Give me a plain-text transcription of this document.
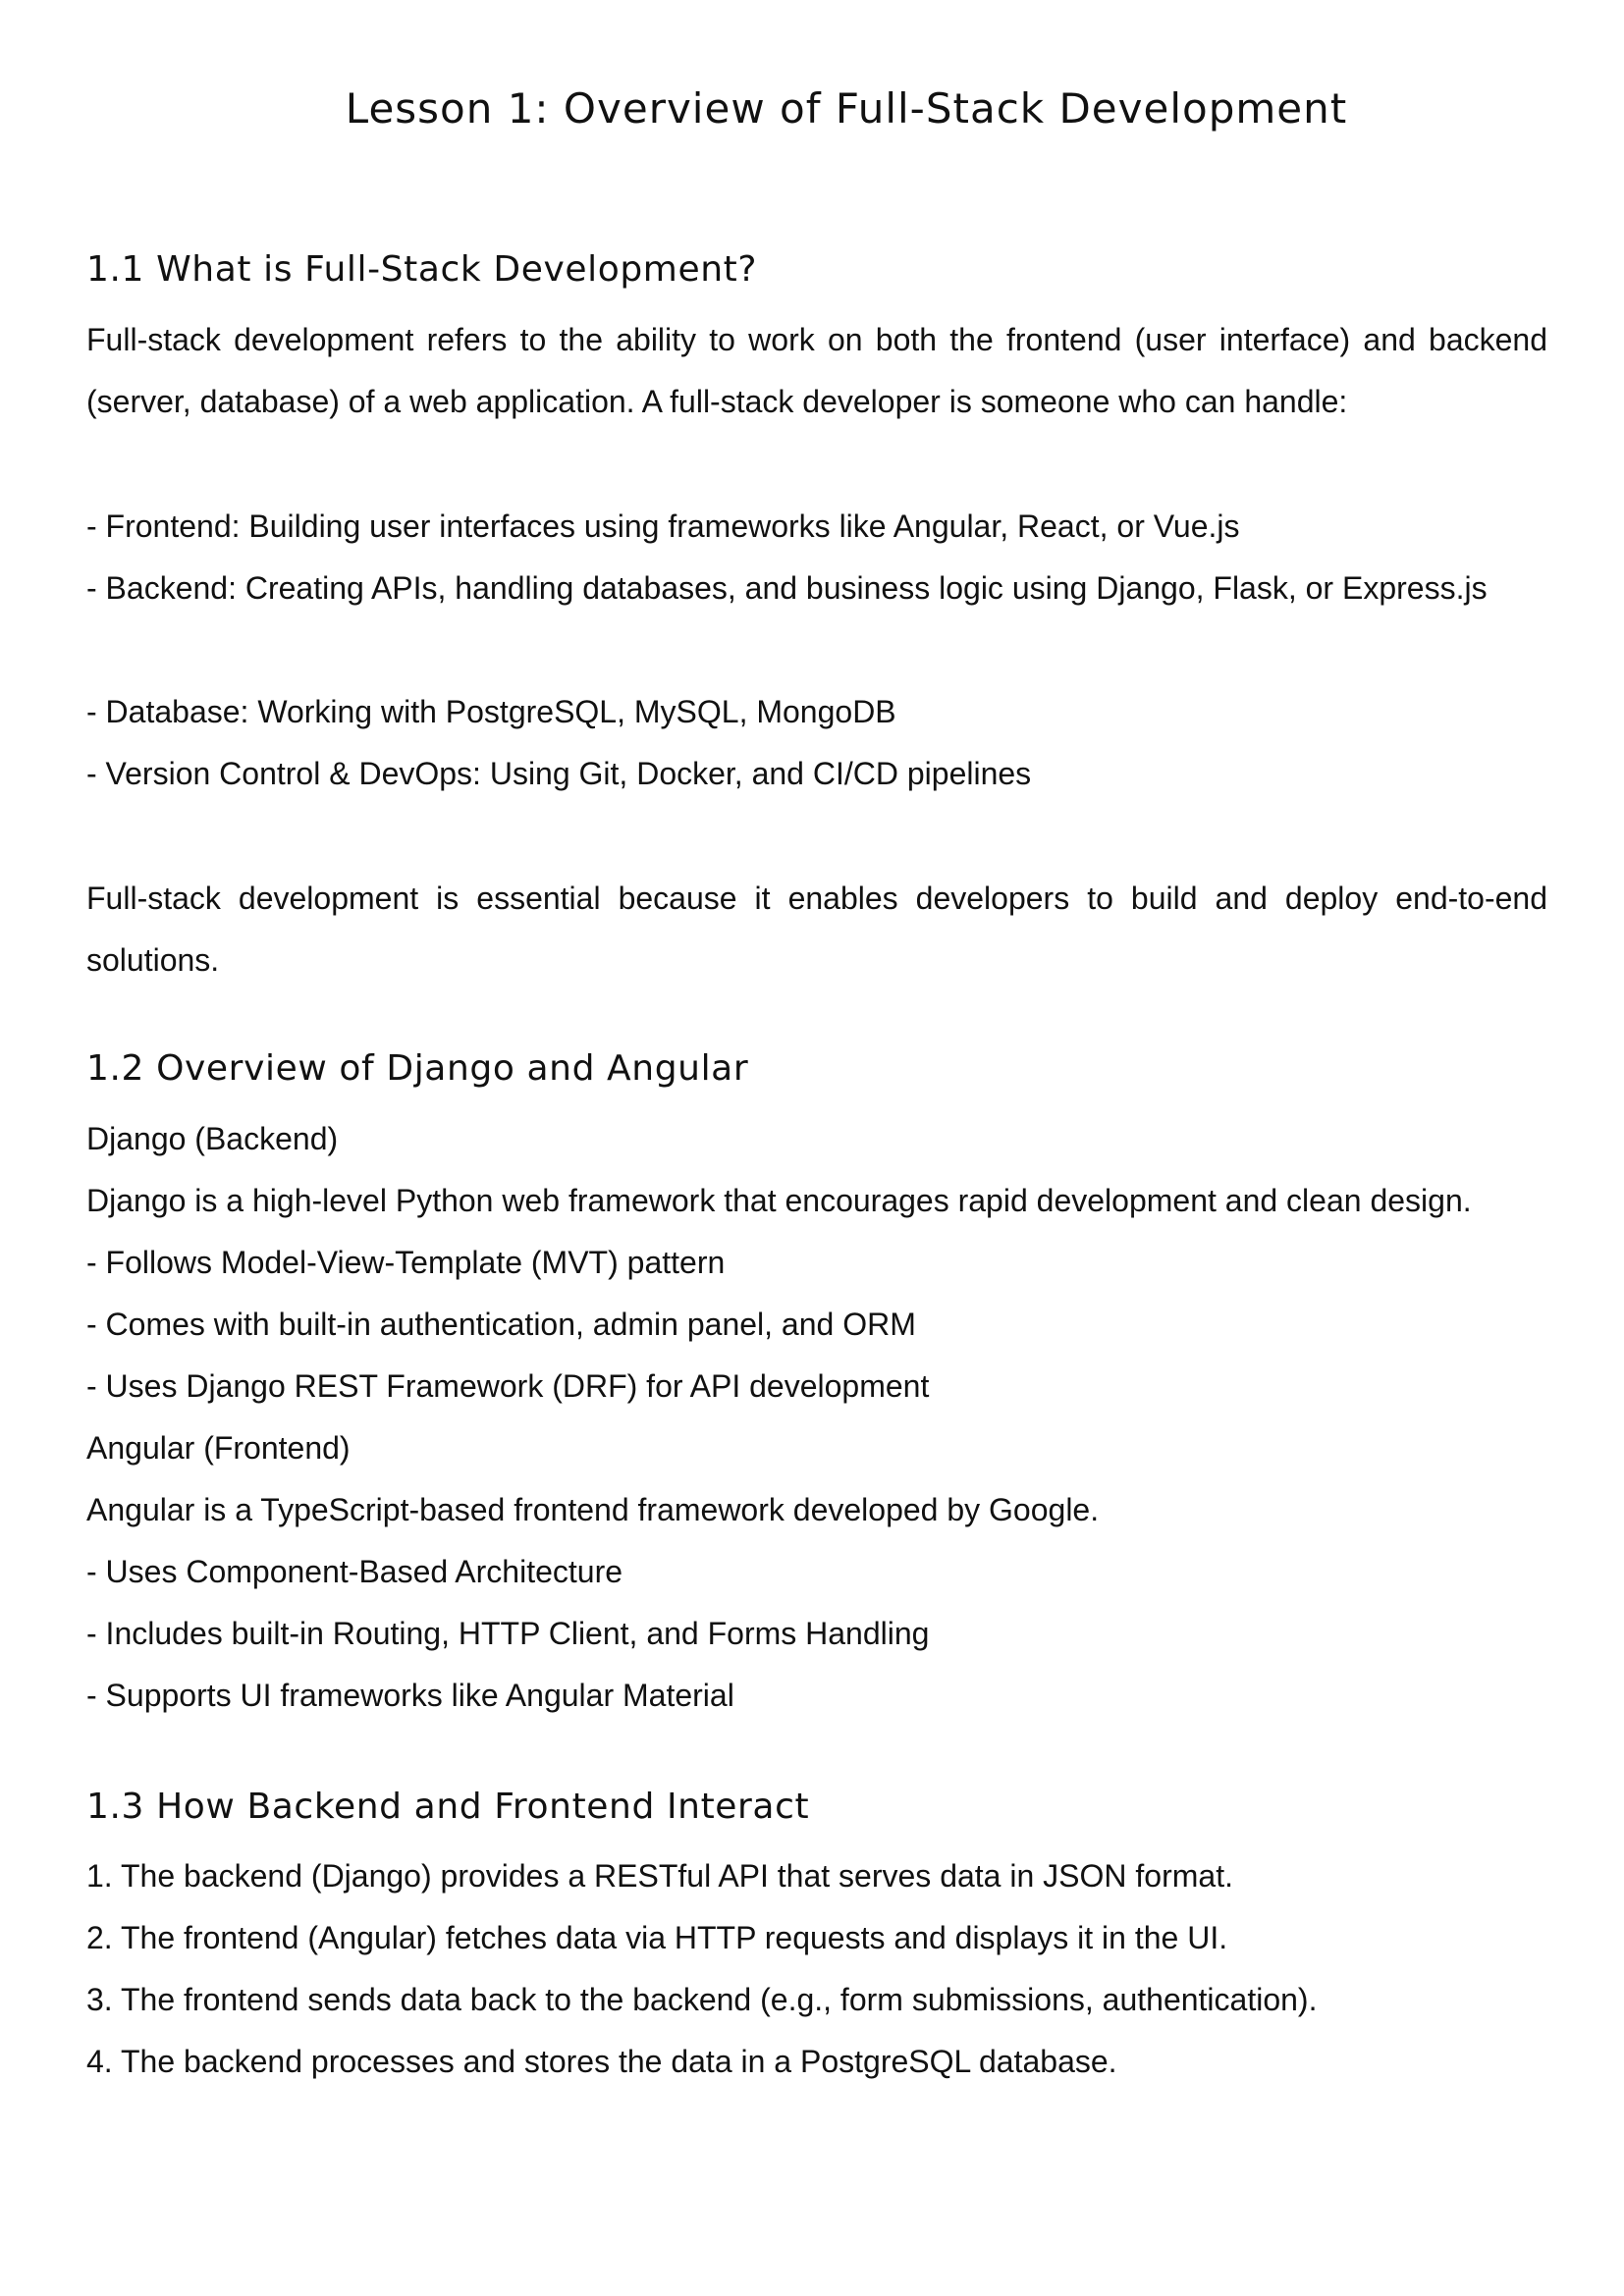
Lesson 1: Overview of Full-Stack Development
1.1 What is Full-Stack Development?

Full-stack development refers to the ability to work on both the frontend (user interface) and backend (server, database) of a web application. A full-stack developer is someone who can handle:

- Frontend: Building user interfaces using frameworks like Angular, React, or Vue.js

- Backend: Creating APIs, handling databases, and business logic using Django, Flask, or Express.js

- Database: Working with PostgreSQL, MySQL, MongoDB

- Version Control & DevOps: Using Git, Docker, and CI/CD pipelines

Full-stack development is essential because it enables developers to build and deploy end-to-end solutions.

1.2 Overview of Django and Angular

Django (Backend)

Django is a high-level Python web framework that encourages rapid development and clean design.

- Follows Model-View-Template (MVT) pattern

- Comes with built-in authentication, admin panel, and ORM

- Uses Django REST Framework (DRF) for API development

Angular (Frontend)

Angular is a TypeScript-based frontend framework developed by Google.

- Uses Component-Based Architecture

- Includes built-in Routing, HTTP Client, and Forms Handling

- Supports UI frameworks like Angular Material

1.3 How Backend and Frontend Interact

1. The backend (Django) provides a RESTful API that serves data in JSON format.

2. The frontend (Angular) fetches data via HTTP requests and displays it in the UI.

3. The frontend sends data back to the backend (e.g., form submissions, authentication).

4. The backend processes and stores the data in a PostgreSQL database.
